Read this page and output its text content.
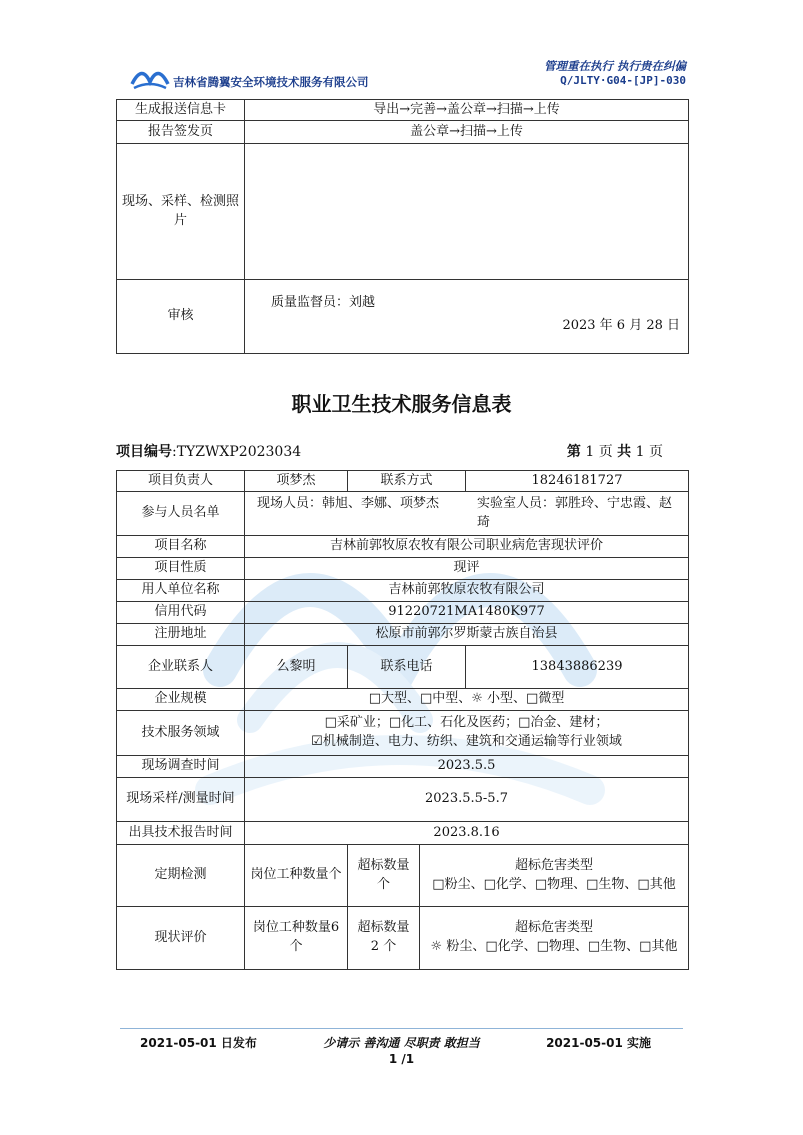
吉林省腾翼安全环境技术服务有限公司
管理重在执行 执行贵在纠偏
Q/JLTY·G04-[JP]-030
生成报送信息卡	导出→完善→盖公章→扫描→上传
报告签发页	盖公章→扫描→上传
现场、采样、检测照片	
审核	质量监督员：刘越
2023 年 6 月 28 日
职业卫生技术服务信息表
项目编号:TYZWXP2023034	第 1 页 共 1 页
项目负责人	项梦杰	联系方式		18246181727
参与人员名单	现场人员：韩旭、李娜、项梦杰 实验室人员：郭胜玲、宁忠霞、赵琦			

项目名称	吉林前郭牧原农牧有限公司职业病危害现状评价			
项目性质	现评			
用人单位名称	吉林前郭牧原农牧有限公司			
信用代码	91220721MA1480K977			
注册地址	松原市前郭尔罗斯蒙古族自治县			
企业联系人	么黎明	联系电话		13843886239
企业规模	□大型、□中型、☼ 小型、□微型			
技术服务领域	□采矿业；□化工、石化及医药；□冶金、建材；
☑机械制造、电力、纺织、建筑和交通运输等行业领域			

现场调查时间	2023.5.5			
现场采样/测量时间	2023.5.5-5.7			
出具技术报告时间	2023.8.16			
定期检测	岗位工种数量个	超标数量个	超标危害类型
□粉尘、□化学、□物理、□生物、□其他	

现状评价	岗位工种数量6 个	超标数量 2 个	超标危害类型
☼ 粉尘、□化学、□物理、□生物、□其他	
2021-05-01 日发布	少请示 善沟通 尽职责 敢担当	2021-05-01 实施
1 /1
